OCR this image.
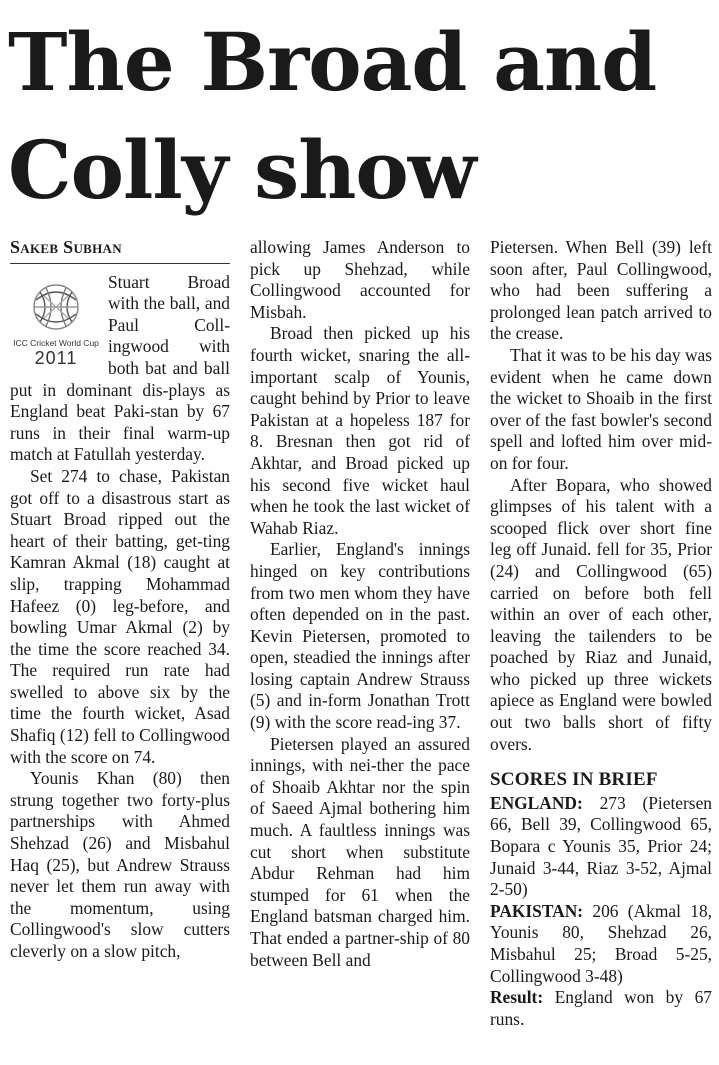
The Broad and
Colly show

Sakeb Subhan

ICC Cricket World Cup
2011

Stuart Broad with the ball, and Paul Coll-ingwood with both bat and ball put in dominant dis-plays as England beat Paki-stan by 67 runs in their final warm-up match at Fatullah yesterday.

Set 274 to chase, Pakistan got off to a disastrous start as Stuart Broad ripped out the heart of their batting, get-ting Kamran Akmal (18) caught at slip, trapping Mohammad Hafeez (0) leg-before, and bowling Umar Akmal (2) by the time the score reached 34. The required run rate had swelled to above six by the time the fourth wicket, Asad Shafiq (12) fell to Collingwood with the score on 74.

Younis Khan (80) then strung together two forty-plus partnerships with Ahmed Shehzad (26) and Misbahul Haq (25), but Andrew Strauss never let them run away with the momentum, using Collingwood's slow cutters cleverly on a slow pitch,

allowing James Anderson to pick up Shehzad, while Collingwood accounted for Misbah.

Broad then picked up his fourth wicket, snaring the all-important scalp of Younis, caught behind by Prior to leave Pakistan at a hopeless 187 for 8. Bresnan then got rid of Akhtar, and Broad picked up his second five wicket haul when he took the last wicket of Wahab Riaz.

Earlier, England's innings hinged on key contributions from two men whom they have often depended on in the past. Kevin Pietersen, promoted to open, steadied the innings after losing captain Andrew Strauss (5) and in-form Jonathan Trott (9) with the score read-ing 37.

Pietersen played an assured innings, with nei-ther the pace of Shoaib Akhtar nor the spin of Saeed Ajmal bothering him much. A faultless innings was cut short when substitute Abdur Rehman had him stumped for 61 when the England batsman charged him. That ended a partner-ship of 80 between Bell and

Pietersen. When Bell (39) left soon after, Paul Collingwood, who had been suffering a prolonged lean patch arrived to the crease.

That it was to be his day was evident when he came down the wicket to Shoaib in the first over of the fast bowler's second spell and lofted him over mid-on for four.

After Bopara, who showed glimpses of his talent with a scooped flick over short fine leg off Junaid. fell for 35, Prior (24) and Collingwood (65) carried on before both fell within an over of each other, leaving the tailenders to be poached by Riaz and Junaid, who picked up three wickets apiece as England were bowled out two balls short of fifty overs.

SCORES IN BRIEF

ENGLAND: 273 (Pietersen 66, Bell 39, Collingwood 65, Bopara c Younis 35, Prior 24; Junaid 3-44, Riaz 3-52, Ajmal 2-50)

PAKISTAN: 206 (Akmal 18, Younis 80, Shehzad 26, Misbahul 25; Broad 5-25, Collingwood 3-48)

Result: England won by 67 runs.
